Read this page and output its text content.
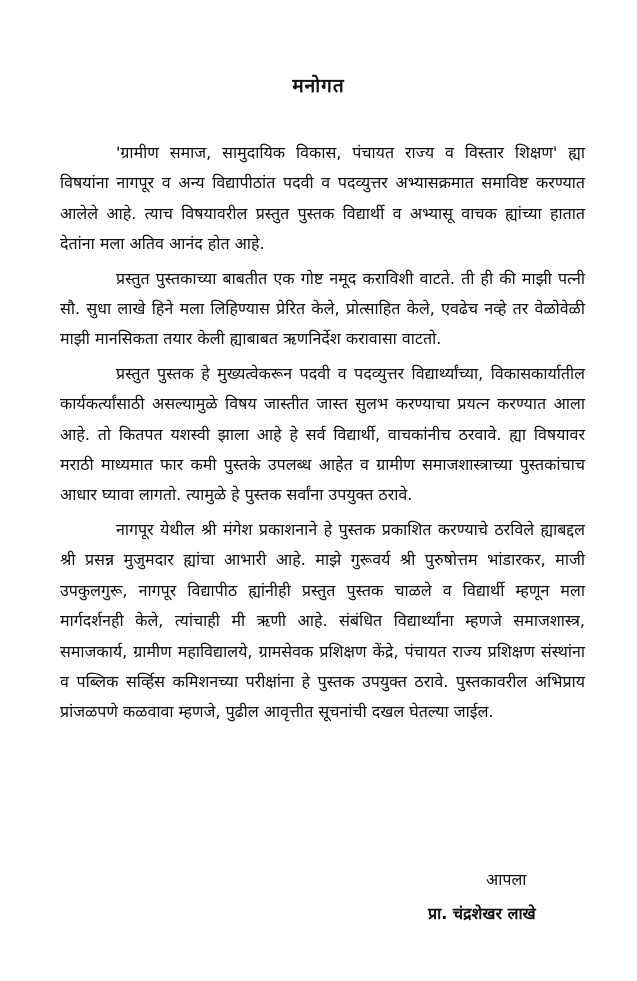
मनोगत

'ग्रामीण समाज, सामुदायिक विकास, पंचायत राज्य व विस्तार शिक्षण' ह्या विषयांना नागपूर व अन्य विद्यापीठांत पदवी व पदव्युत्तर अभ्यासक्रमात समाविष्ट करण्यात आलेले आहे. त्याच विषयावरील प्रस्तुत पुस्तक विद्यार्थी व अभ्यासू वाचक ह्यांच्या हातात देतांना मला अतिव आनंद होत आहे.

प्रस्तुत पुस्तकाच्या बाबतीत एक गोष्ट नमूद कराविशी वाटते. ती ही की माझी पत्नी सौ. सुधा लाखे हिने मला लिहिण्यास प्रेरित केले, प्रोत्साहित केले, एवढेच नव्हे तर वेळोवेळी माझी मानसिकता तयार केली ह्याबाबत ऋणनिर्देश करावासा वाटतो.

प्रस्तुत पुस्तक हे मुख्यत्वेकरून पदवी व पदव्युत्तर विद्यार्थ्यांच्या, विकासकार्यातील कार्यकर्त्यांसाठी असल्यामुळे विषय जास्तीत जास्त सुलभ करण्याचा प्रयत्न करण्यात आला आहे. तो कितपत यशस्वी झाला आहे हे सर्व विद्यार्थी, वाचकांनीच ठरवावे. ह्या विषयावर मराठी माध्यमात फार कमी पुस्तके उपलब्ध आहेत व ग्रामीण समाजशास्त्राच्या पुस्तकांचाच आधार घ्यावा लागतो. त्यामुळे हे पुस्तक सर्वांना उपयुक्त ठरावे.

नागपूर येथील श्री मंगेश प्रकाशनाने हे पुस्तक प्रकाशित करण्याचे ठरविले ह्याबद्दल श्री प्रसन्न मुजुमदार ह्यांचा आभारी आहे. माझे गुरूवर्य श्री पुरुषोत्तम भांडारकर, माजी उपकुलगुरू, नागपूर विद्यापीठ ह्यांनीही प्रस्तुत पुस्तक चाळले व विद्यार्थी म्हणून मला मार्गदर्शनही केले, त्यांचाही मी ऋणी आहे. संबंधित विद्यार्थ्यांना म्हणजे समाजशास्त्र, समाजकार्य, ग्रामीण महाविद्यालये, ग्रामसेवक प्रशिक्षण केंद्रे, पंचायत राज्य प्रशिक्षण संस्थांना व पब्लिक सर्व्हिस कमिशनच्या परीक्षांना हे पुस्तक उपयुक्त ठरावे. पुस्तकावरील अभिप्राय प्रांजळपणे कळवावा म्हणजे, पुढील आवृत्तीत सूचनांची दखल घेतल्या जाईल.

आपला
प्रा. चंद्रशेखर लाखे
